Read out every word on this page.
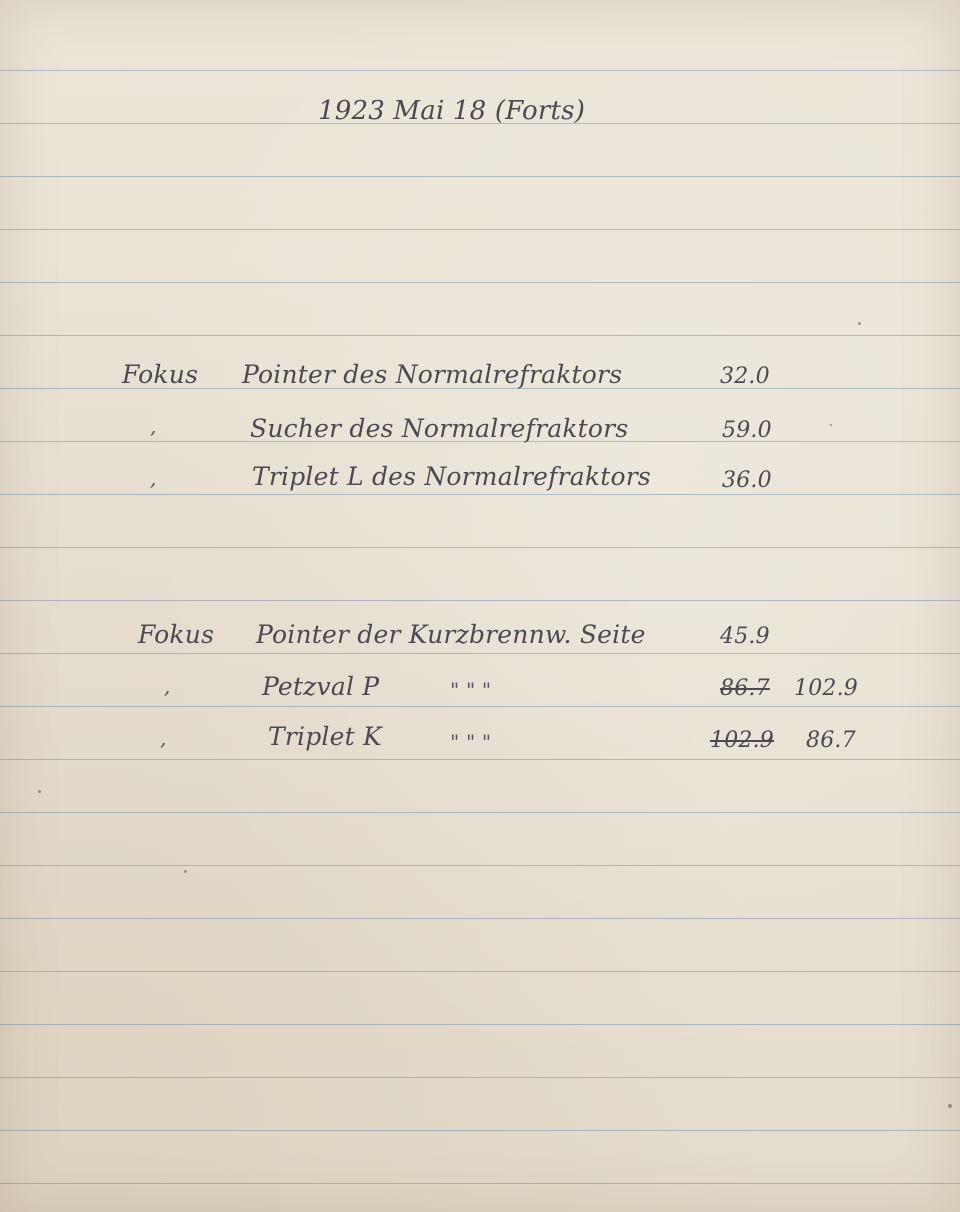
1923 Mai 18 (Forts)
Fokus Pointer des Normalrefraktors	32.0
,	Sucher des Normalrefraktors	59.0
,	Triplet L des Normalrefraktors	36.0
Fokus Pointer der Kurzbrennw. Seite	45.9
,	Petzval P	" " "	86.7 102.9
,	Triplet K	" " "	102.9 86.7
